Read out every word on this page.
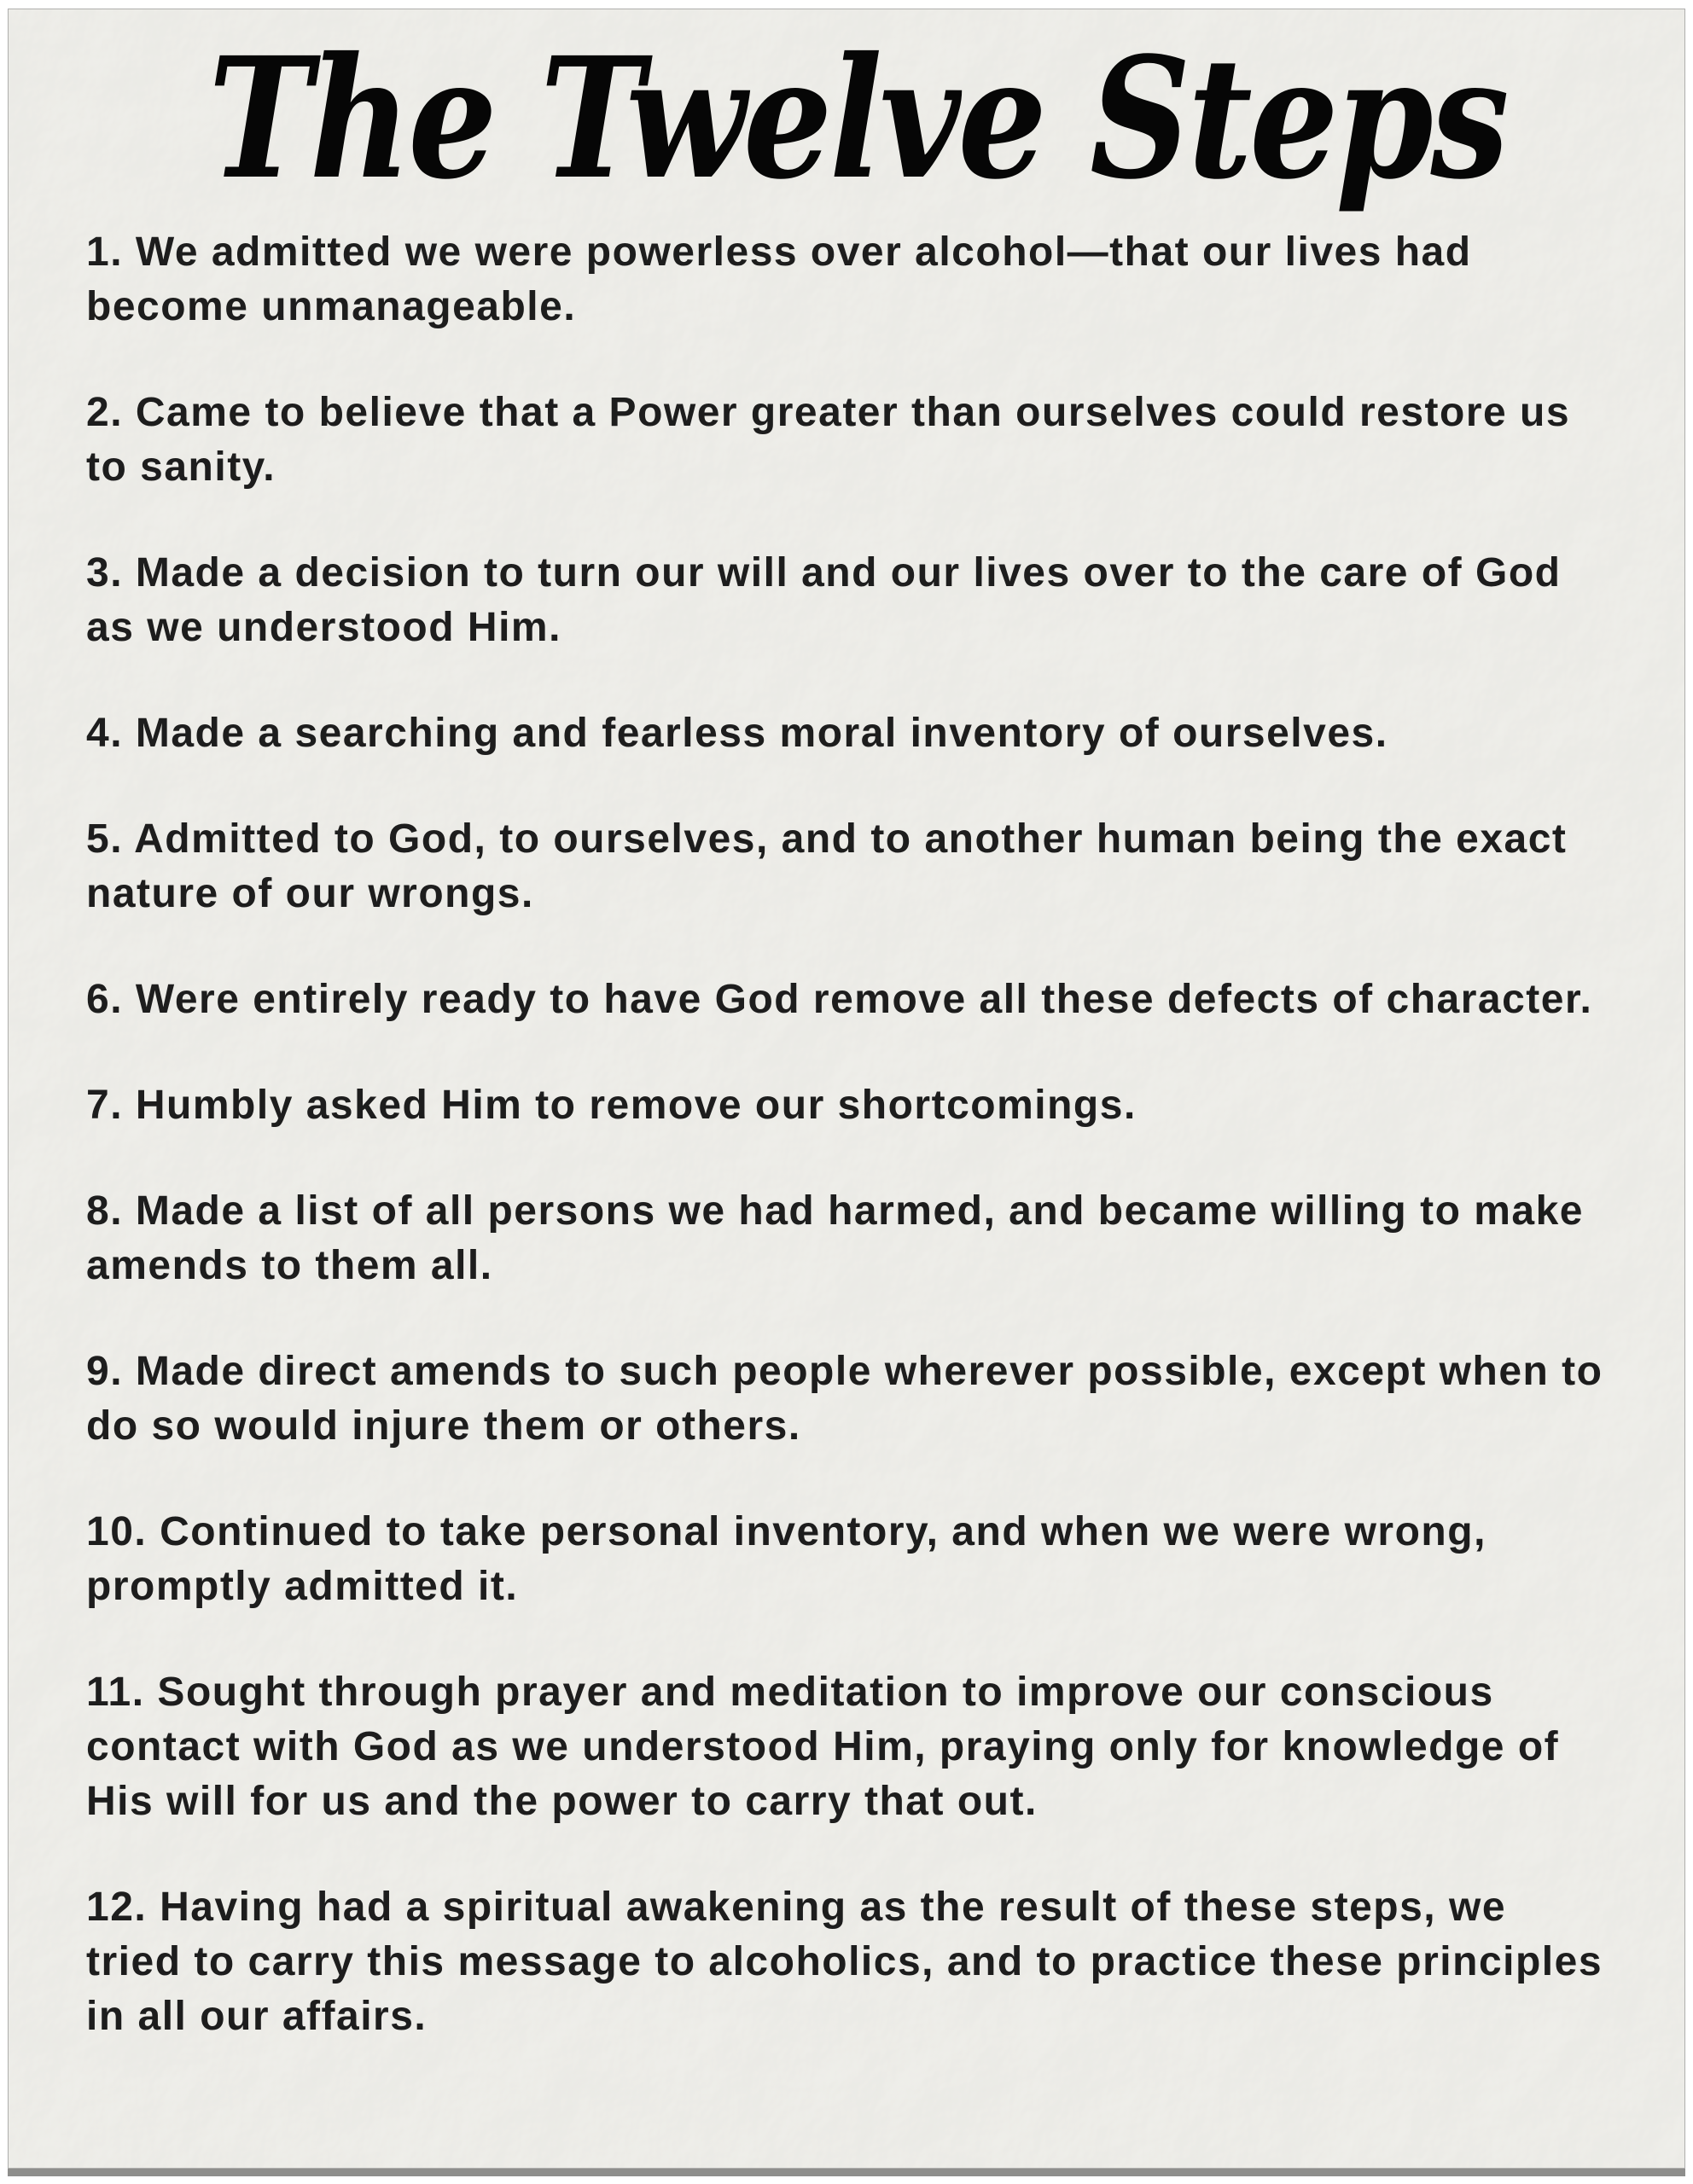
The Twelve Steps

1. We admitted we were powerless over alcohol—that our lives had become unmanageable.

2. Came to believe that a Power greater than ourselves could restore us to sanity.

3. Made a decision to turn our will and our lives over to the care of God as we understood Him.

4. Made a searching and fearless moral inventory of ourselves.

5. Admitted to God, to ourselves, and to another human being the exact nature of our wrongs.

6. Were entirely ready to have God remove all these defects of character.

7. Humbly asked Him to remove our shortcomings.

8. Made a list of all persons we had harmed, and became willing to make amends to them all.

9. Made direct amends to such people wherever possible, except when to do so would injure them or others.

10. Continued to take personal inventory, and when we were wrong, promptly admitted it.

11. Sought through prayer and meditation to improve our conscious contact with God as we understood Him, praying only for knowledge of His will for us and the power to carry that out.

12. Having had a spiritual awakening as the result of these steps, we tried to carry this message to alcoholics, and to practice these principles in all our affairs.
